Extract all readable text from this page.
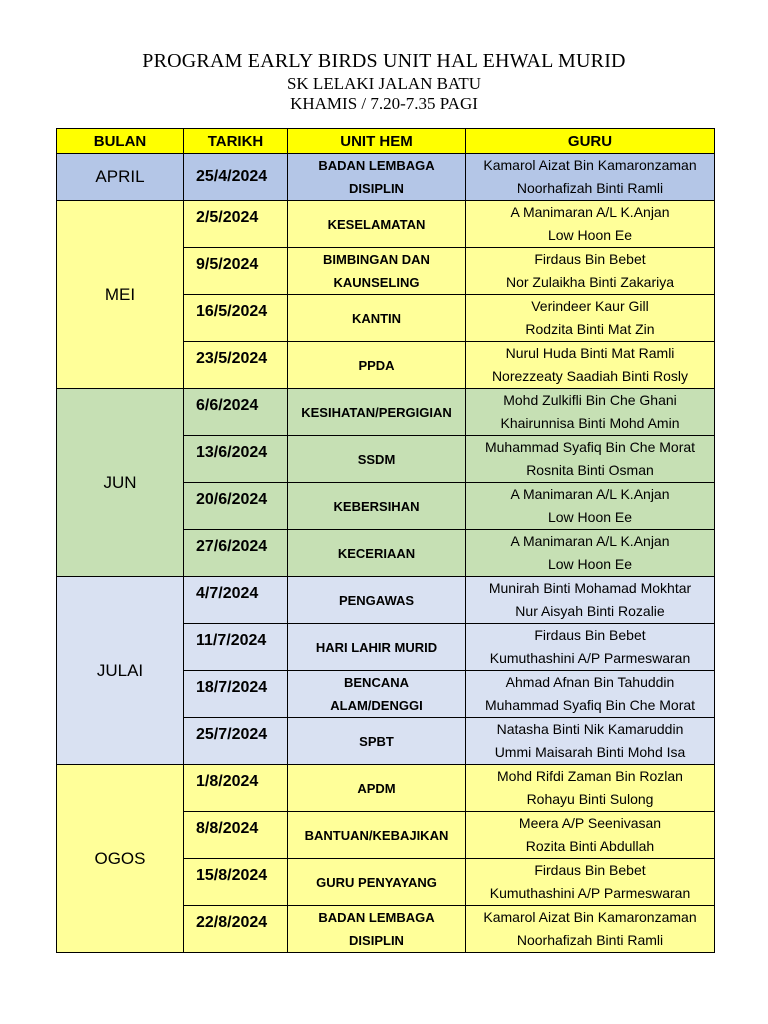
PROGRAM EARLY BIRDS UNIT HAL EHWAL MURID
SK LELAKI JALAN BATU
KHAMIS / 7.20-7.35 PAGI
BULAN	TARIKH	UNIT HEM	GURU
APRIL	25/4/2024	BADAN LEMBAGA
DISIPLIN	Kamarol Aizat Bin Kamaronzaman
Noorhafizah Binti Ramli

MEI	2/5/2024	KESELAMATAN	A Manimaran A/L K.Anjan
Low Hoon Ee

	9/5/2024	BIMBINGAN DAN
KAUNSELING	Firdaus Bin Bebet
Nor Zulaikha Binti Zakariya

	16/5/2024	KANTIN	Verindeer Kaur Gill
Rodzita Binti Mat Zin

	23/5/2024	PPDA	Nurul Huda Binti Mat Ramli
Norezzeaty Saadiah Binti Rosly

JUN	6/6/2024	KESIHATAN/PERGIGIAN	Mohd Zulkifli Bin Che Ghani
Khairunnisa Binti Mohd Amin

	13/6/2024	SSDM	Muhammad Syafiq Bin Che Morat
Rosnita Binti Osman

	20/6/2024	KEBERSIHAN	A Manimaran A/L K.Anjan
Low Hoon Ee

	27/6/2024	KECERIAAN	A Manimaran A/L K.Anjan
Low Hoon Ee

JULAI	4/7/2024	PENGAWAS	Munirah Binti Mohamad Mokhtar
Nur Aisyah Binti Rozalie

	11/7/2024	HARI LAHIR MURID	Firdaus Bin Bebet
Kumuthashini A/P Parmeswaran

	18/7/2024	BENCANA
ALAM/DENGGI	Ahmad Afnan Bin Tahuddin
Muhammad Syafiq Bin Che Morat

	25/7/2024	SPBT	Natasha Binti Nik Kamaruddin
Ummi Maisarah Binti Mohd Isa

OGOS	1/8/2024	APDM	Mohd Rifdi Zaman Bin Rozlan
Rohayu Binti Sulong

	8/8/2024	BANTUAN/KEBAJIKAN	Meera A/P Seenivasan
Rozita Binti Abdullah

	15/8/2024	GURU PENYAYANG	Firdaus Bin Bebet
Kumuthashini A/P Parmeswaran

	22/8/2024	BADAN LEMBAGA
DISIPLIN	Kamarol Aizat Bin Kamaronzaman
Noorhafizah Binti Ramli
